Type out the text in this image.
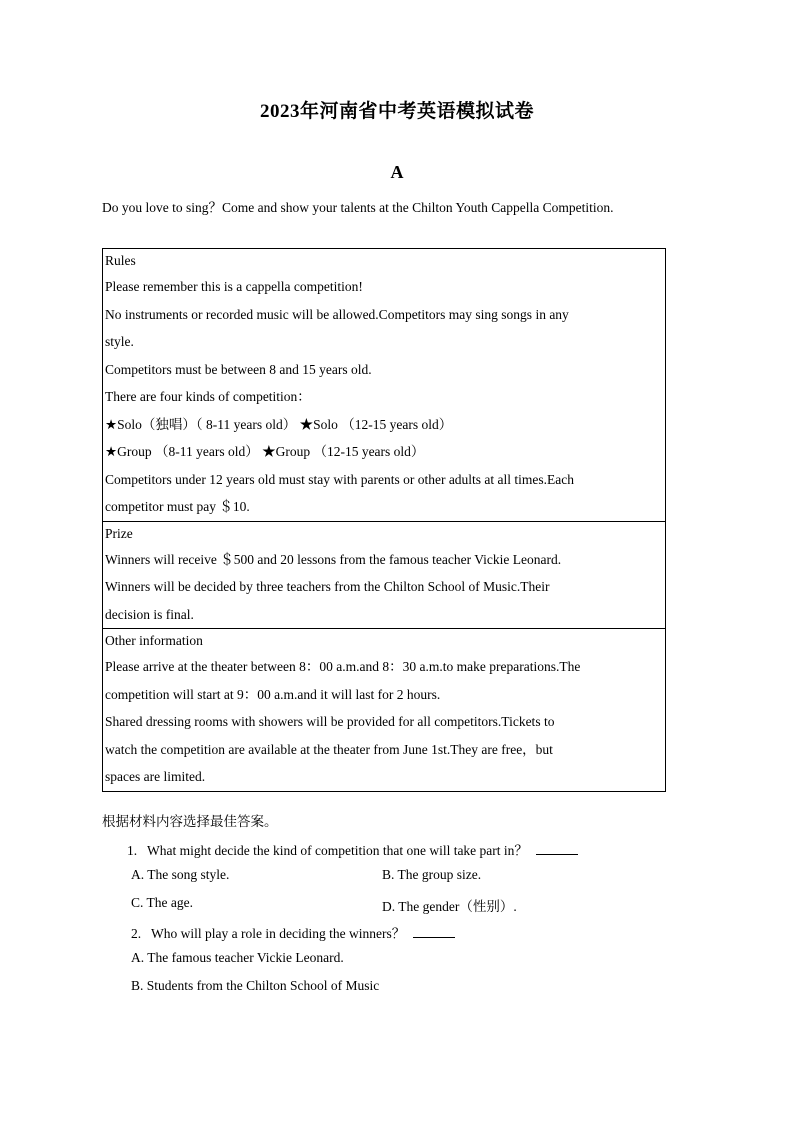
2023年河南省中考英语模拟试卷
A
Do you love to sing？Come and show your talents at the Chilton Youth Cappella Competition.
Rules
Please remember this is a cappella competition!
No instruments or recorded music will be allowed.Competitors may sing songs in any
style.
Competitors must be between 8 and 15 years old.
There are four kinds of competition：
★Solo（独唱）（ 8-11 years old） ★Solo （12-15 years old）
★Group （8-11 years old） ★Group （12-15 years old）
Competitors under 12 years old must stay with parents or other adults at all times.Each
competitor must pay ＄10.

Prize
Winners will receive ＄500 and 20 lessons from the famous teacher Vickie Leonard.
Winners will be decided by three teachers from the Chilton School of Music.Their
decision is final.

Other information
Please arrive at the theater between 8：00 a.m.and 8：30 a.m.to make preparations.The
competition will start at 9：00 a.m.and it will last for 2 hours.
Shared dressing rooms with showers will be provided for all competitors.Tickets to
watch the competition are available at the theater from June 1st.They are free，but
spaces are limited.
根据材料内容选择最佳答案。
1. What might decide the kind of competition that one will take part in？
A. The song style.	B. The group size.
C. The age.	D. The gender（性别）.
2. Who will play a role in deciding the winners？
A. The famous teacher Vickie Leonard.
B. Students from the Chilton School of Music
